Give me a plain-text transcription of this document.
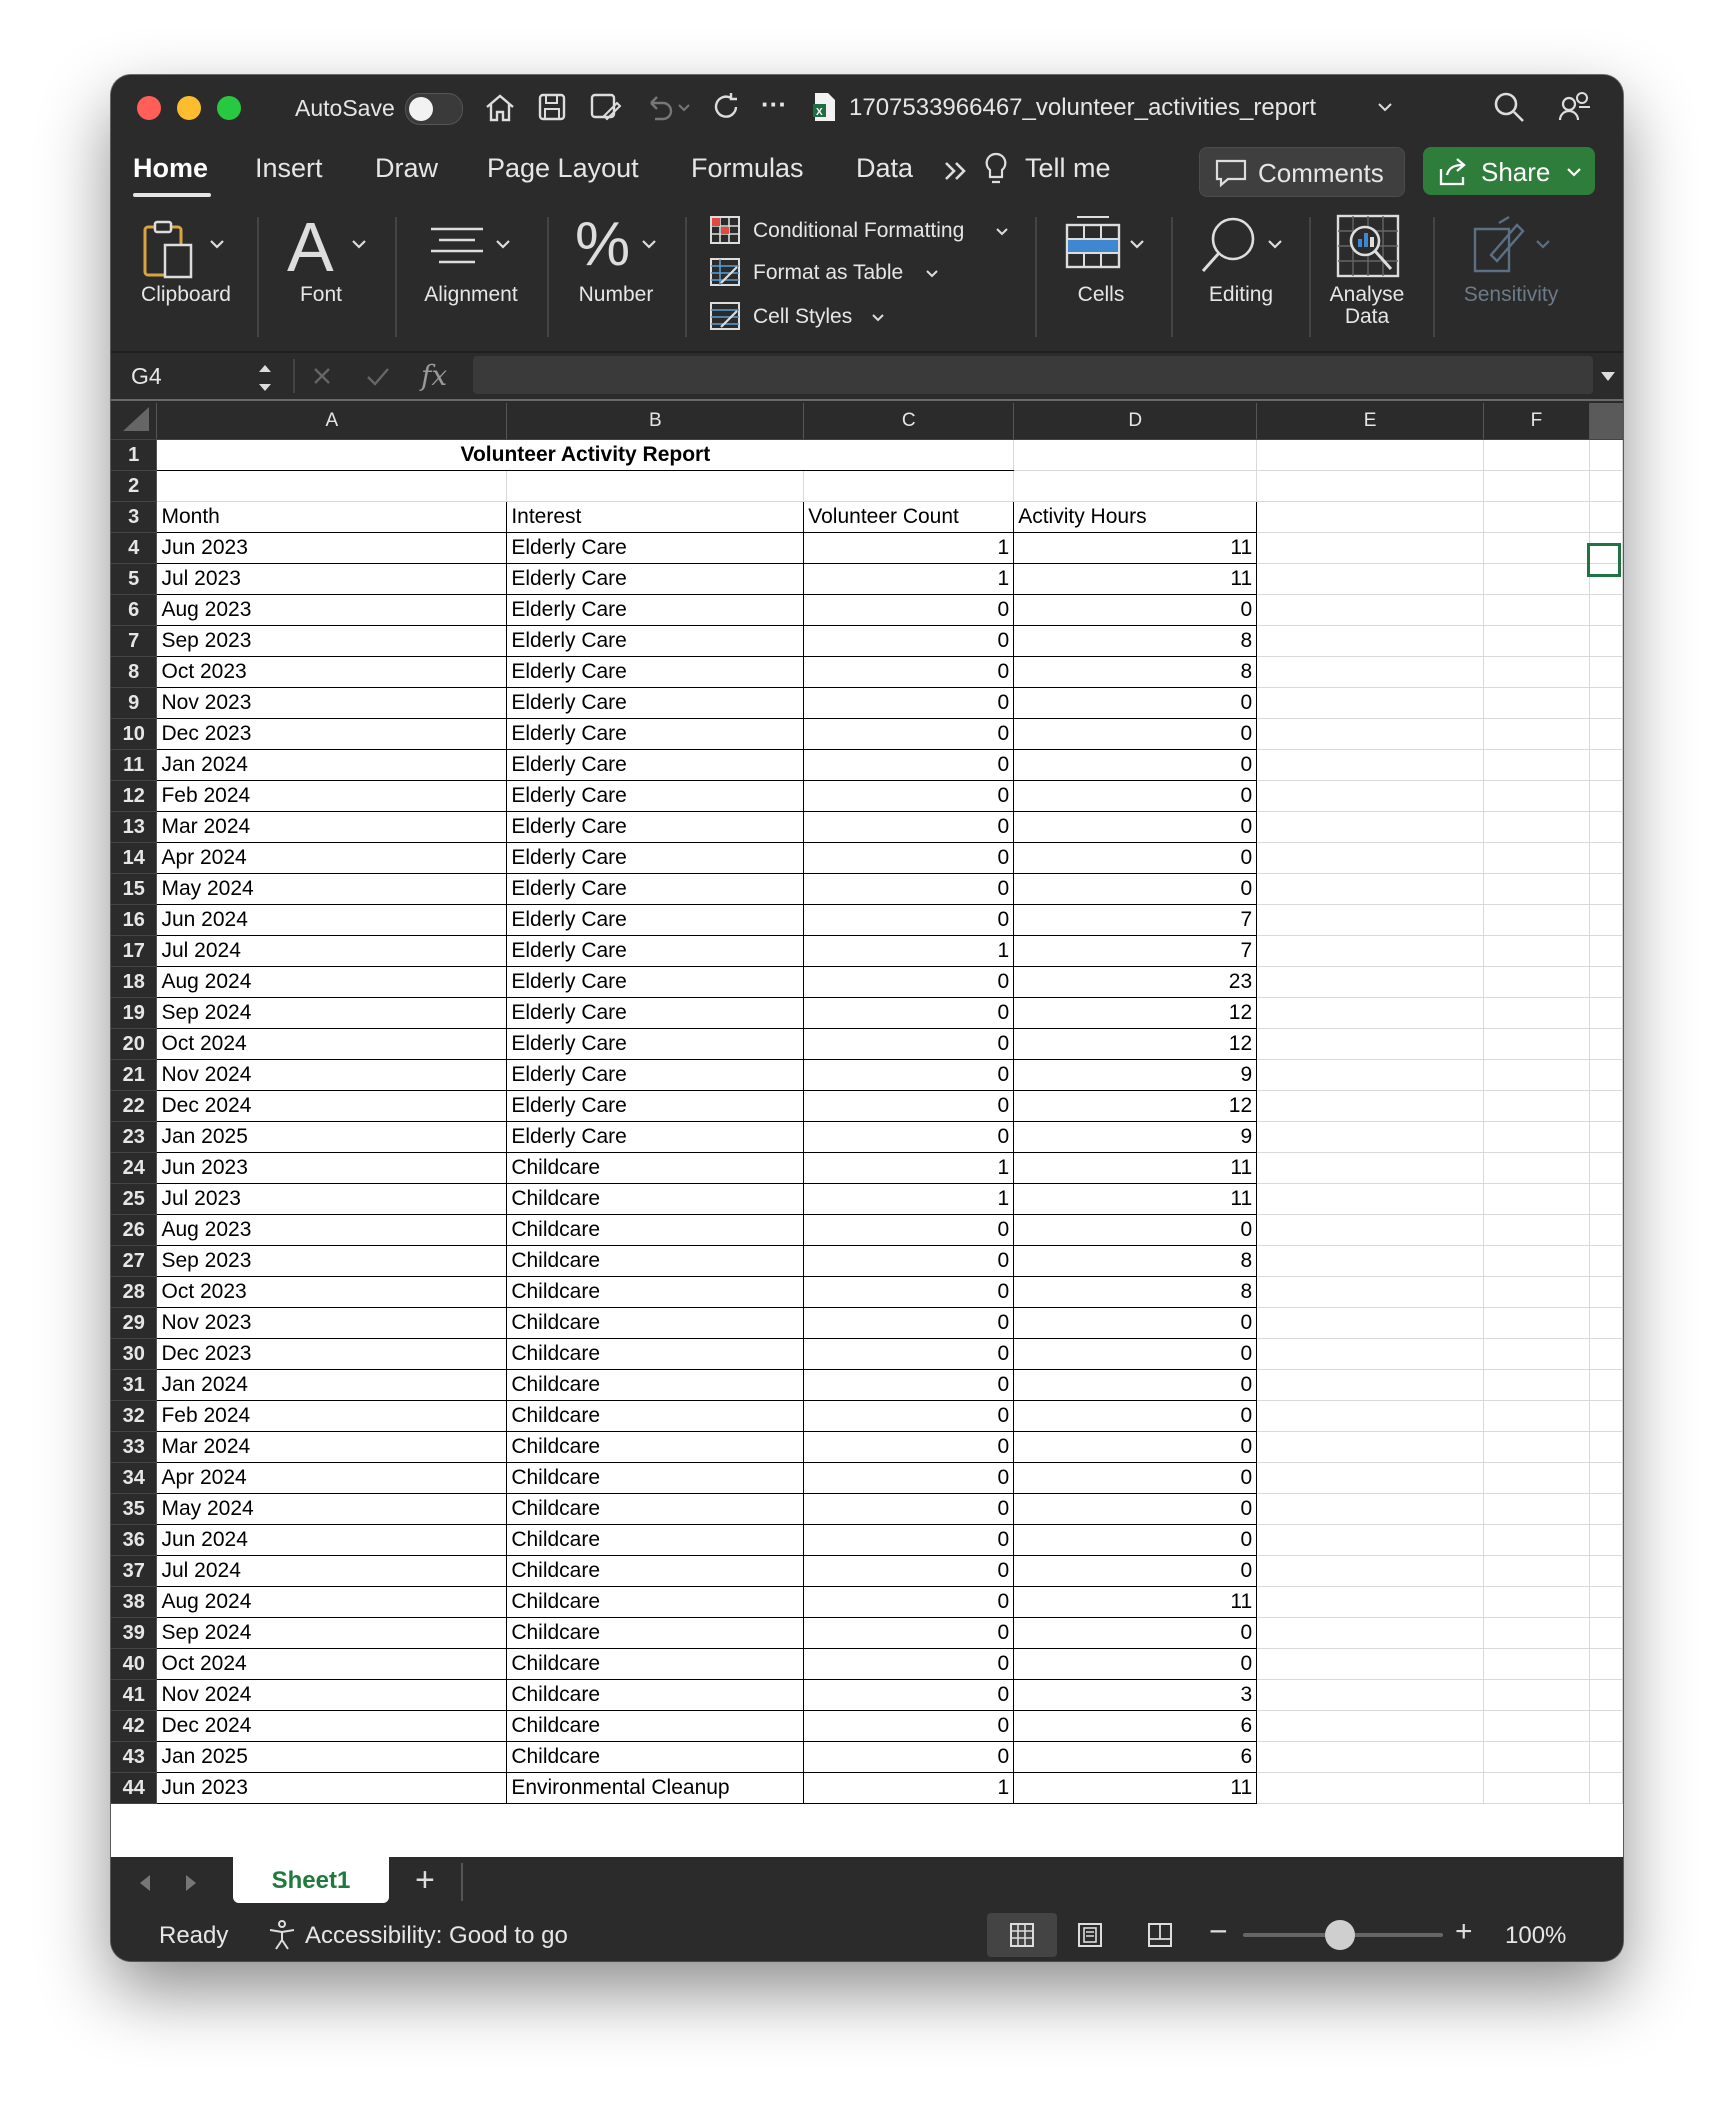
AutoSave	···	X 1707533966467_volunteer_activities_report
Home Insert Draw Page Layout Formulas Data	Tell me	Comments	Share
Clipboard
A
Font	Alignment
%
Number
Conditional Formatting
Format as Table
Cell Styles
Cells	Editing	Analyse
Data
Sensitivity
G4	fx
	A	B	C	D	E	F	
1	Volunteer Activity Report						
2							
3	Month	Interest	Volunteer Count	Activity Hours			
4	Jun 2023	Elderly Care	1	11			
5	Jul 2023	Elderly Care	1	11			
6	Aug 2023	Elderly Care	0	0			
7	Sep 2023	Elderly Care	0	8			
8	Oct 2023	Elderly Care	0	8			
9	Nov 2023	Elderly Care	0	0			
10	Dec 2023	Elderly Care	0	0			
11	Jan 2024	Elderly Care	0	0			
12	Feb 2024	Elderly Care	0	0			
13	Mar 2024	Elderly Care	0	0			
14	Apr 2024	Elderly Care	0	0			
15	May 2024	Elderly Care	0	0			
16	Jun 2024	Elderly Care	0	7			
17	Jul 2024	Elderly Care	1	7			
18	Aug 2024	Elderly Care	0	23			
19	Sep 2024	Elderly Care	0	12			
20	Oct 2024	Elderly Care	0	12			
21	Nov 2024	Elderly Care	0	9			
22	Dec 2024	Elderly Care	0	12			
23	Jan 2025	Elderly Care	0	9			
24	Jun 2023	Childcare	1	11			
25	Jul 2023	Childcare	1	11			
26	Aug 2023	Childcare	0	0			
27	Sep 2023	Childcare	0	8			
28	Oct 2023	Childcare	0	8			
29	Nov 2023	Childcare	0	0			
30	Dec 2023	Childcare	0	0			
31	Jan 2024	Childcare	0	0			
32	Feb 2024	Childcare	0	0			
33	Mar 2024	Childcare	0	0			
34	Apr 2024	Childcare	0	0			
35	May 2024	Childcare	0	0			
36	Jun 2024	Childcare	0	0			
37	Jul 2024	Childcare	0	0			
38	Aug 2024	Childcare	0	11			
39	Sep 2024	Childcare	0	0			
40	Oct 2024	Childcare	0	0			
41	Nov 2024	Childcare	0	3			
42	Dec 2024	Childcare	0	6			
43	Jan 2025	Childcare	0	6			
44	Jun 2023	Environmental Cleanup	1	11			
Sheet1	+
Ready	Accessibility: Good to go	−	+ 100%
